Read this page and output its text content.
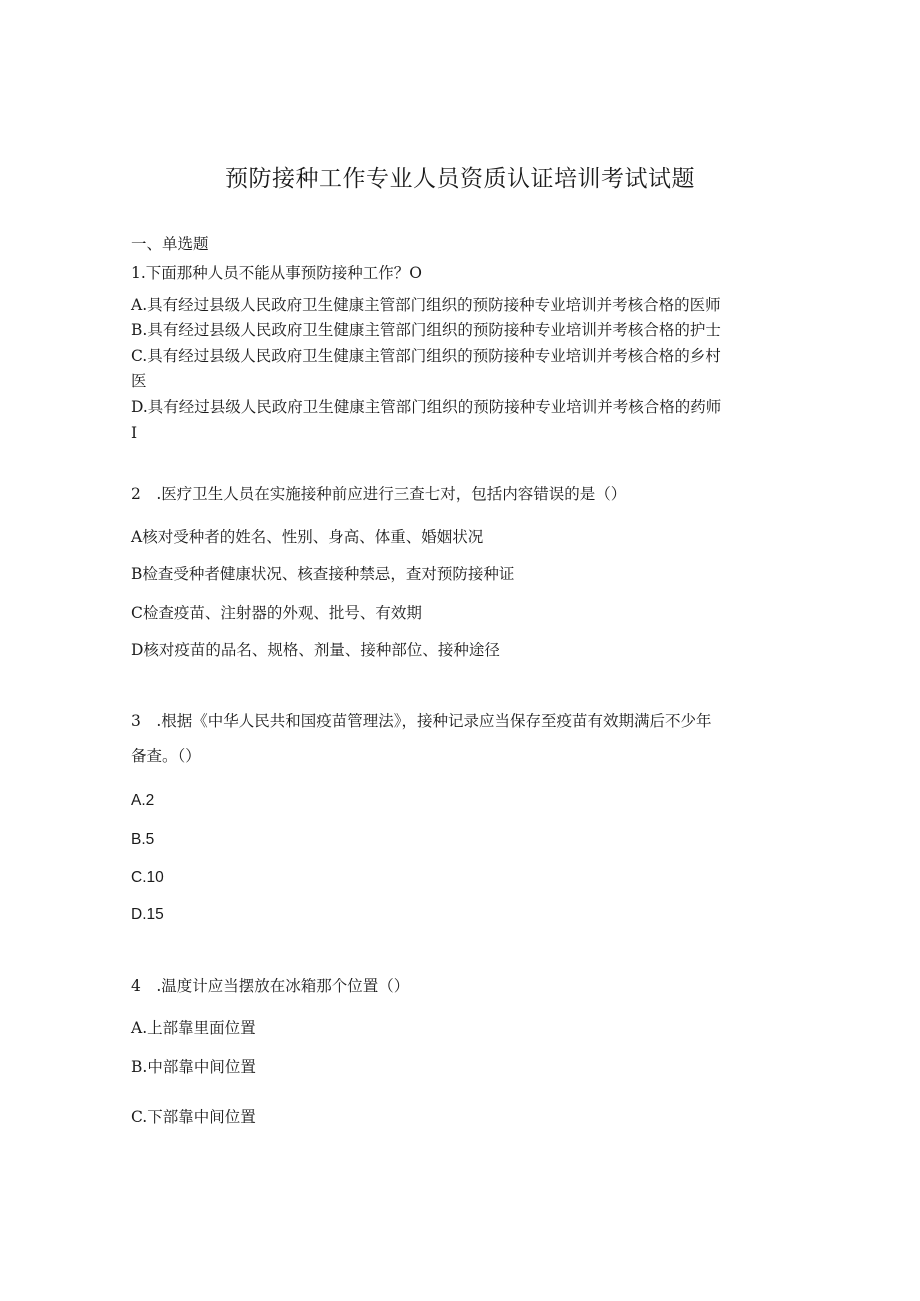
预防接种工作专业人员资质认证培训考试试题
一、单选题
1.下面那种人员不能从事预防接种工作？O
A.具有经过县级人民政府卫生健康主管部门组织的预防接种专业培训并考核合格的医师
B.具有经过县级人民政府卫生健康主管部门组织的预防接种专业培训并考核合格的护士
C.具有经过县级人民政府卫生健康主管部门组织的预防接种专业培训并考核合格的乡村
医
D.具有经过县级人民政府卫生健康主管部门组织的预防接种专业培训并考核合格的药师
I
2　.医疗卫生人员在实施接种前应进行三查七对，包括内容错误的是（）
A核对受种者的姓名、性别、身高、体重、婚姻状况
B检查受种者健康状况、核查接种禁忌，查对预防接种证
C检查疫苗、注射器的外观、批号、有效期
D核对疫苗的品名、规格、剂量、接种部位、接种途径
3　.根据《中华人民共和国疫苗管理法》，接种记录应当保存至疫苗有效期满后不少年
备查。（）
A.2
B.5
C.10
D.15
4　.温度计应当摆放在冰箱那个位置（）
A.上部靠里面位置
B.中部靠中间位置
C.下部靠中间位置
